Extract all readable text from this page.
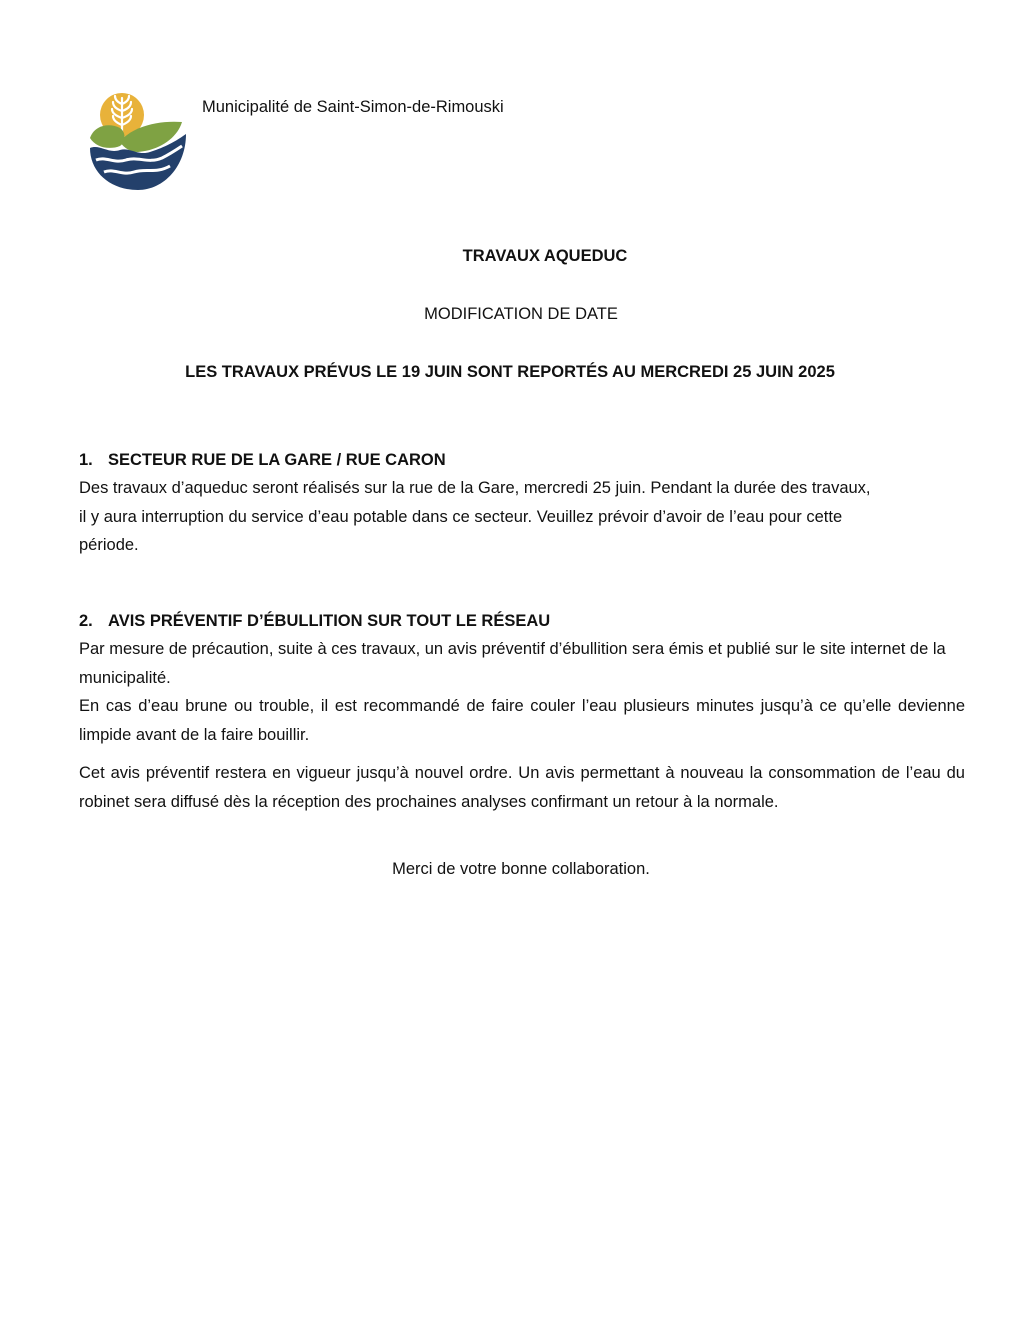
Municipalité de Saint-Simon-de-Rimouski
TRAVAUX AQUEDUC
MODIFICATION DE DATE
LES TRAVAUX PRÉVUS LE 19 JUIN SONT REPORTÉS AU MERCREDI 25 JUIN 2025
1. SECTEUR RUE DE LA GARE / RUE CARON

Des travaux d’aqueduc seront réalisés sur la rue de la Gare, mercredi 25 juin. Pendant la durée des travaux, il y aura interruption du service d’eau potable dans ce secteur. Veuillez prévoir d’avoir de l’eau pour cette période.

2. AVIS PRÉVENTIF D’ÉBULLITION SUR TOUT LE RÉSEAU

Par mesure de précaution, suite à ces travaux, un avis préventif d’ébullition sera émis et publié sur le site internet de la municipalité.

En cas d’eau brune ou trouble, il est recommandé de faire couler l’eau plusieurs minutes jusqu’à ce qu’elle devienne limpide avant de la faire bouillir.

Cet avis préventif restera en vigueur jusqu’à nouvel ordre. Un avis permettant à nouveau la consommation de l’eau du robinet sera diffusé dès la réception des prochaines analyses confirmant un retour à la normale.

Merci de votre bonne collaboration.
